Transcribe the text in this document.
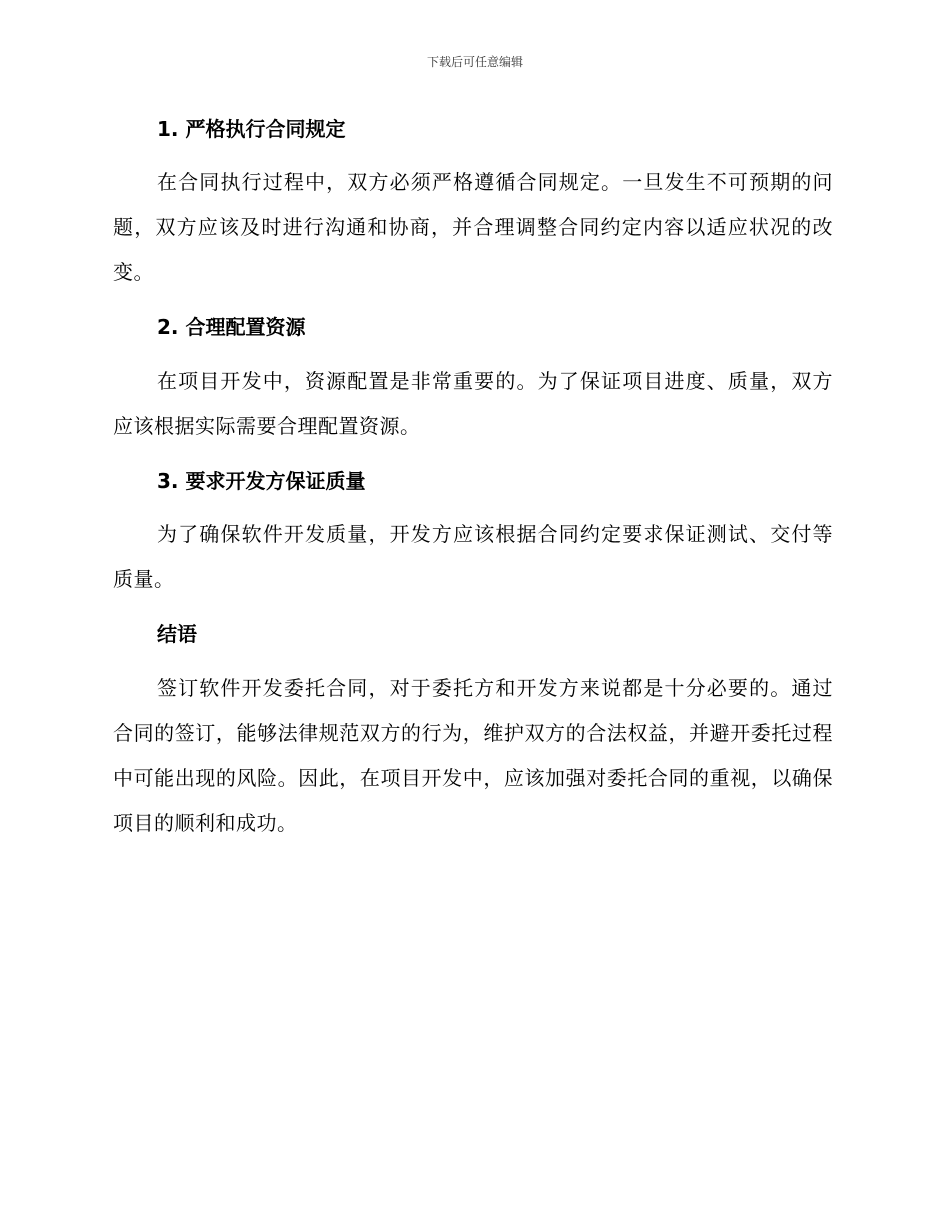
下载后可任意编辑
1. 严格执行合同规定

在合同执行过程中，双方必须严格遵循合同规定。一旦发生不可预期的问题，双方应该及时进行沟通和协商，并合理调整合同约定内容以适应状况的改变。

2. 合理配置资源

在项目开发中，资源配置是非常重要的。为了保证项目进度、质量，双方应该根据实际需要合理配置资源。

3. 要求开发方保证质量

为了确保软件开发质量，开发方应该根据合同约定要求保证测试、交付等质量。

结语

签订软件开发委托合同，对于委托方和开发方来说都是十分必要的。通过合同的签订，能够法律规范双方的行为，维护双方的合法权益，并避开委托过程中可能出现的风险。因此，在项目开发中，应该加强对委托合同的重视，以确保项目的顺利和成功。
